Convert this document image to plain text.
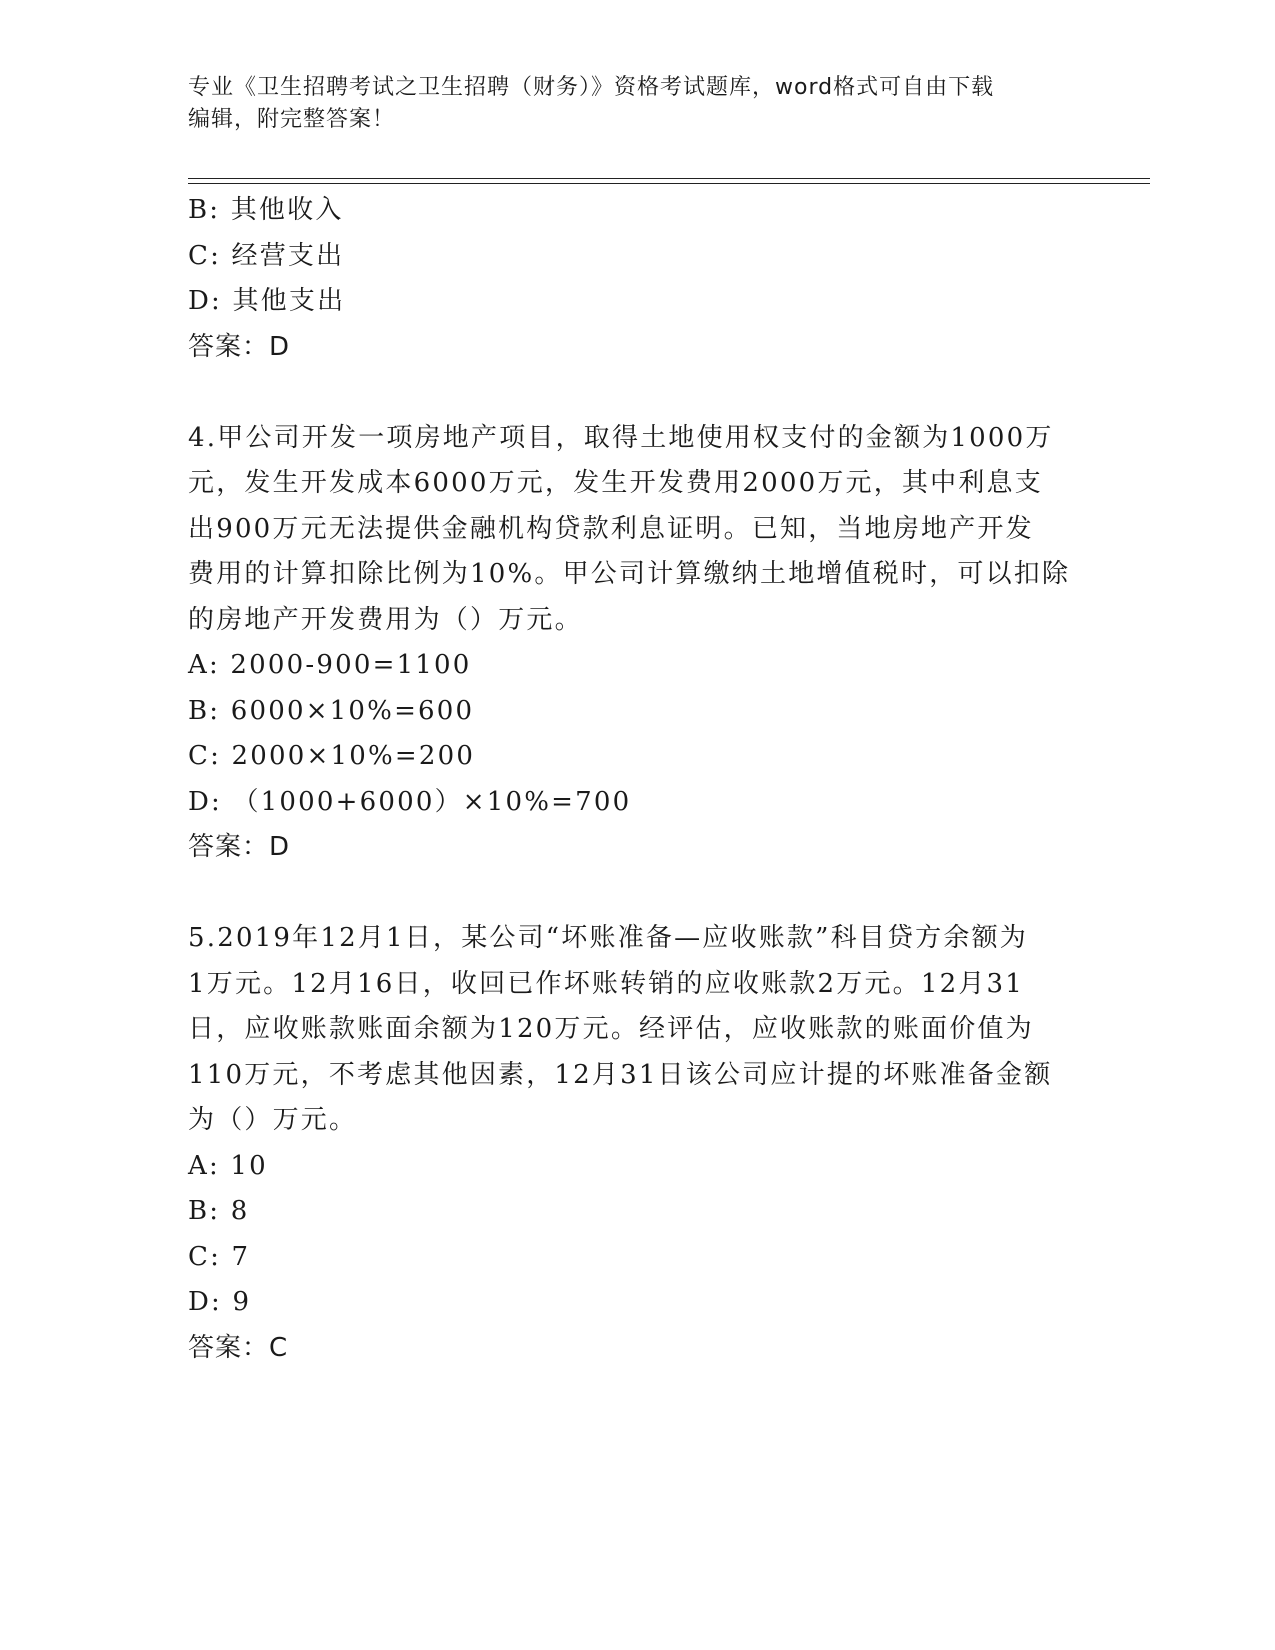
专业《卫生招聘考试之卫生招聘（财务）》资格考试题库，word格式可自由下载
编辑，附完整答案！
B: 其他收入
C: 经营支出
D: 其他支出
答案：D
4.甲公司开发一项房地产项目，取得土地使用权支付的金额为1000万
元，发生开发成本6000万元，发生开发费用2000万元，其中利息支
出900万元无法提供金融机构贷款利息证明。已知，当地房地产开发
费用的计算扣除比例为10%。甲公司计算缴纳土地增值税时，可以扣除
的房地产开发费用为（）万元。
A: 2000-900=1100
B: 6000×10%=600
C: 2000×10%=200
D: （1000+6000）×10%=700
答案：D
5.2019年12月1日，某公司“坏账准备—应收账款”科目贷方余额为
1万元。12月16日，收回已作坏账转销的应收账款2万元。12月31
日，应收账款账面余额为120万元。经评估，应收账款的账面价值为
110万元，不考虑其他因素，12月31日该公司应计提的坏账准备金额
为（）万元。
A: 10
B: 8
C: 7
D: 9
答案：C
